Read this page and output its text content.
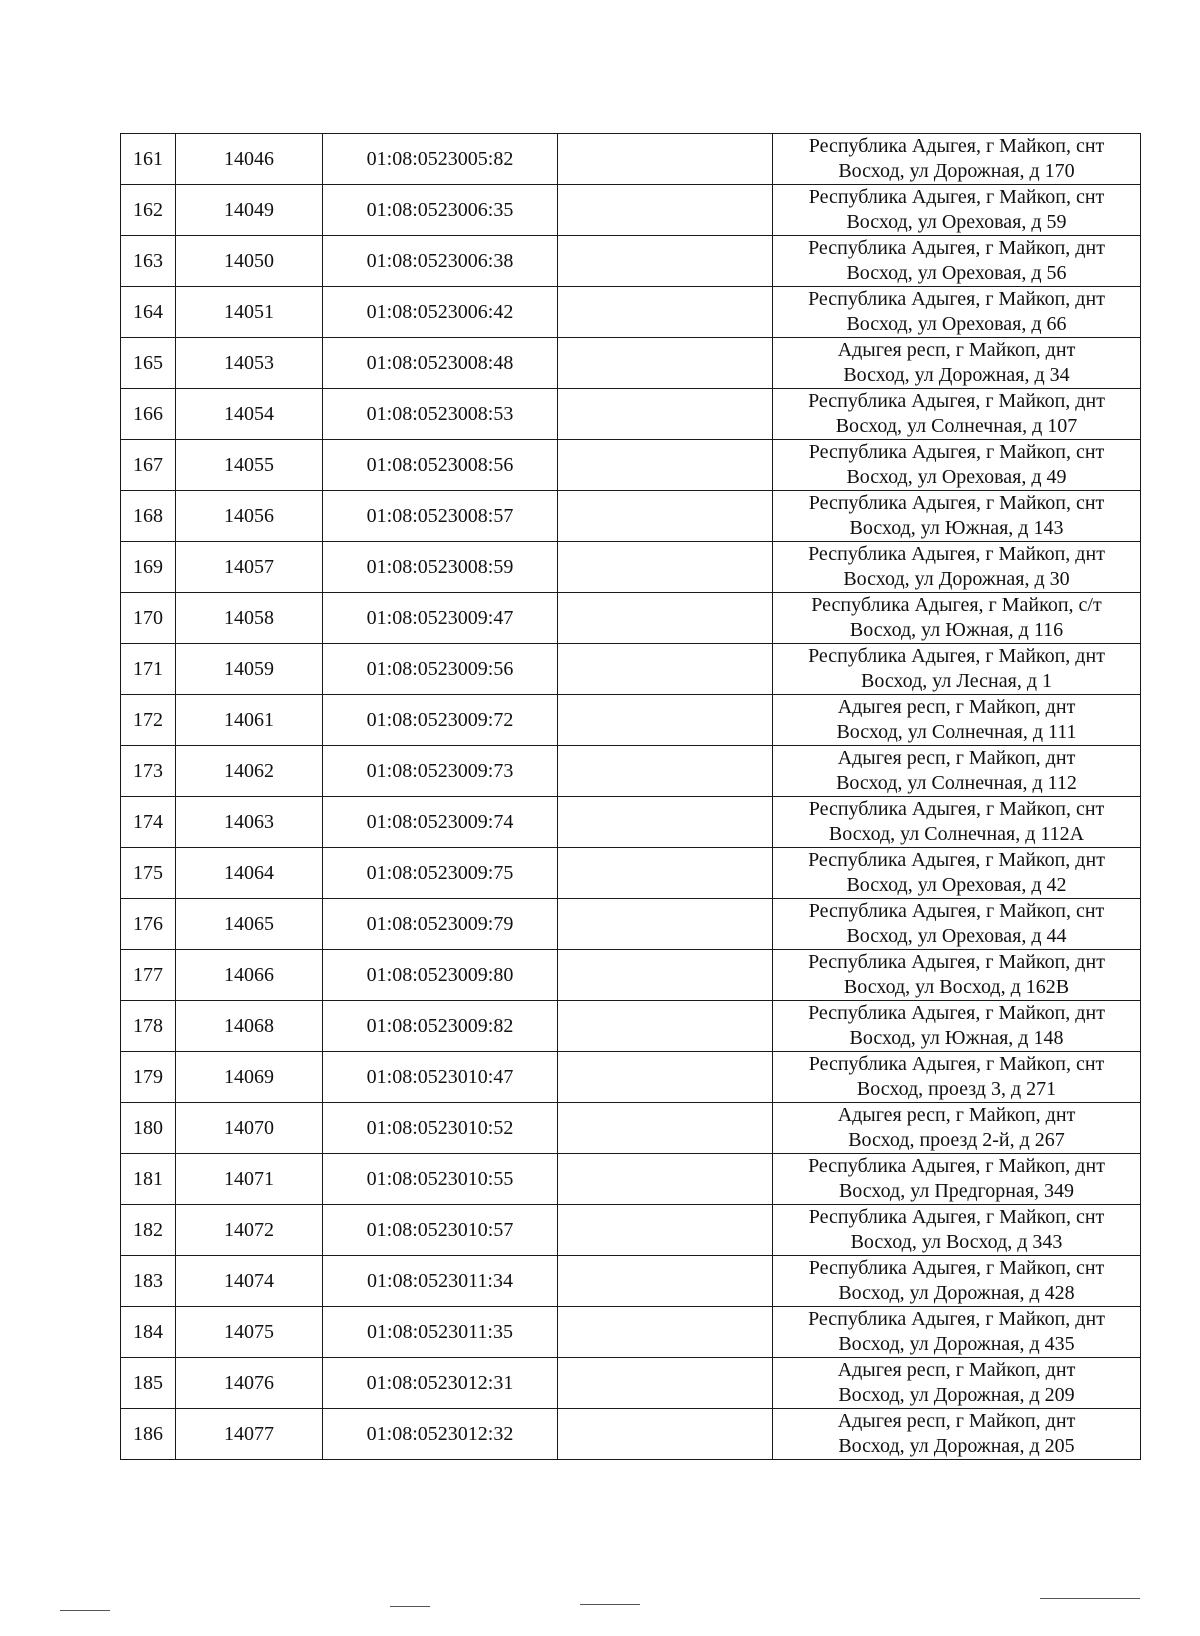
161	14046	01:08:0523005:82		Республика Адыгея, г Майкоп, снт
Восход, ул Дорожная, д 170

162	14049	01:08:0523006:35		Республика Адыгея, г Майкоп, снт
Восход, ул Ореховая, д 59

163	14050	01:08:0523006:38		Республика Адыгея, г Майкоп, днт
Восход, ул Ореховая, д 56

164	14051	01:08:0523006:42		Республика Адыгея, г Майкоп, днт
Восход, ул Ореховая, д 66

165	14053	01:08:0523008:48		Адыгея респ, г Майкоп, днт
Восход, ул Дорожная, д 34

166	14054	01:08:0523008:53		Республика Адыгея, г Майкоп, днт
Восход, ул Солнечная, д 107

167	14055	01:08:0523008:56		Республика Адыгея, г Майкоп, снт
Восход, ул Ореховая, д 49

168	14056	01:08:0523008:57		Республика Адыгея, г Майкоп, снт
Восход, ул Южная, д 143

169	14057	01:08:0523008:59		Республика Адыгея, г Майкоп, днт
Восход, ул Дорожная, д 30

170	14058	01:08:0523009:47		Республика Адыгея, г Майкоп, с/т
Восход, ул Южная, д 116

171	14059	01:08:0523009:56		Республика Адыгея, г Майкоп, днт
Восход, ул Лесная, д 1

172	14061	01:08:0523009:72		Адыгея респ, г Майкоп, днт
Восход, ул Солнечная, д 111

173	14062	01:08:0523009:73		Адыгея респ, г Майкоп, днт
Восход, ул Солнечная, д 112

174	14063	01:08:0523009:74		Республика Адыгея, г Майкоп, снт
Восход, ул Солнечная, д 112А

175	14064	01:08:0523009:75		Республика Адыгея, г Майкоп, днт
Восход, ул Ореховая, д 42

176	14065	01:08:0523009:79		Республика Адыгея, г Майкоп, снт
Восход, ул Ореховая, д 44

177	14066	01:08:0523009:80		Республика Адыгея, г Майкоп, днт
Восход, ул Восход, д 162В

178	14068	01:08:0523009:82		Республика Адыгея, г Майкоп, днт
Восход, ул Южная, д 148

179	14069	01:08:0523010:47		Республика Адыгея, г Майкоп, снт
Восход, проезд 3, д 271

180	14070	01:08:0523010:52		Адыгея респ, г Майкоп, днт
Восход, проезд 2-й, д 267

181	14071	01:08:0523010:55		Республика Адыгея, г Майкоп, днт
Восход, ул Предгорная, 349

182	14072	01:08:0523010:57		Республика Адыгея, г Майкоп, снт
Восход, ул Восход, д 343

183	14074	01:08:0523011:34		Республика Адыгея, г Майкоп, снт
Восход, ул Дорожная, д 428

184	14075	01:08:0523011:35		Республика Адыгея, г Майкоп, днт
Восход, ул Дорожная, д 435

185	14076	01:08:0523012:31		Адыгея респ, г Майкоп, днт
Восход, ул Дорожная, д 209

186	14077	01:08:0523012:32		Адыгея респ, г Майкоп, днт
Восход, ул Дорожная, д 205
